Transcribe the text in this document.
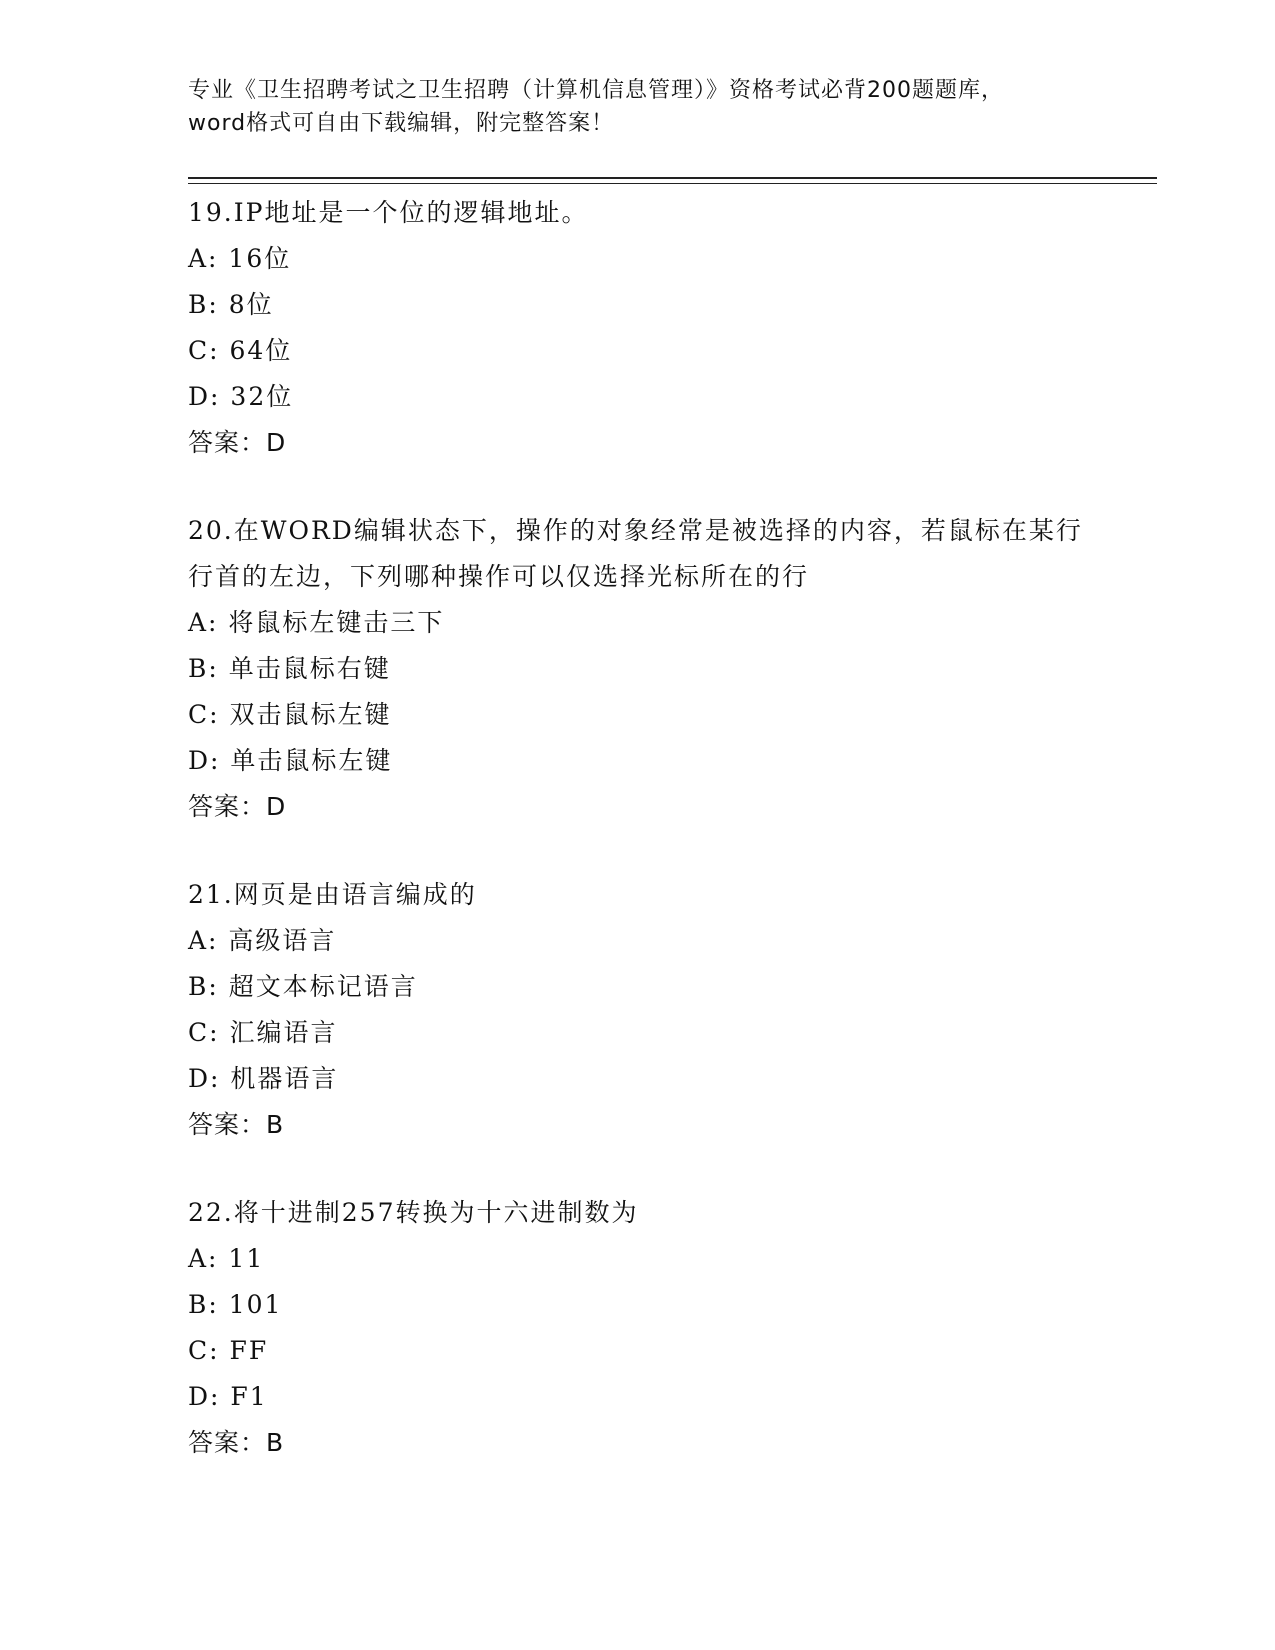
专业《卫生招聘考试之卫生招聘（计算机信息管理）》资格考试必背200题题库，
word格式可自由下载编辑，附完整答案！
19.IP地址是一个位的逻辑地址。
A: 16位
B: 8位
C: 64位
D: 32位
答案：D
20.在WORD编辑状态下，操作的对象经常是被选择的内容，若鼠标在某行行首的左边，下列哪种操作可以仅选择光标所在的行
A: 将鼠标左键击三下
B: 单击鼠标右键
C: 双击鼠标左键
D: 单击鼠标左键
答案：D
21.网页是由语言编成的
A: 高级语言
B: 超文本标记语言
C: 汇编语言
D: 机器语言
答案：B
22.将十进制257转换为十六进制数为
A: 11
B: 101
C: FF
D: F1
答案：B
